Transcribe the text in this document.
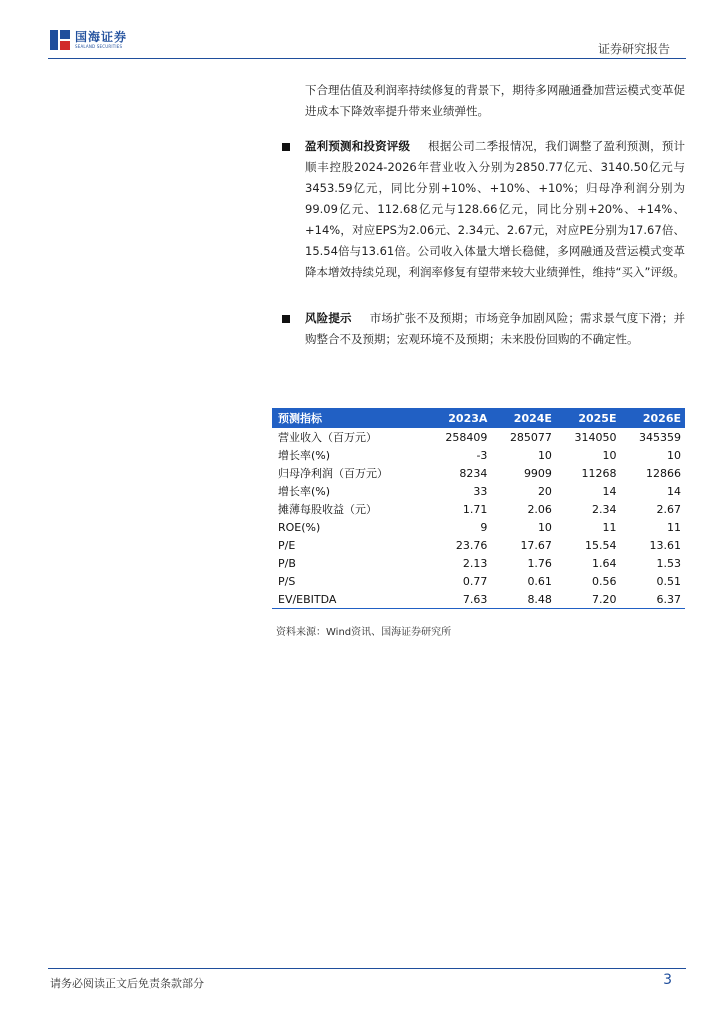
国海证券
SEALAND SECURITIES	证券研究报告
下合理估值及利润率持续修复的背景下，期待多网融通叠加营运模式变革促进成本下降效率提升带来业绩弹性。
盈利预测和投资评级 根据公司二季报情况，我们调整了盈利预测，预计顺丰控股2024-2026年营业收入分别为2850.77亿元、3140.50亿元与3453.59亿元，同比分别+10%、+10%、+10%；归母净利润分别为99.09亿元、112.68亿元与128.66亿元，同比分别+20%、+14%、+14%，对应EPS为2.06元、2.34元、2.67元，对应PE分别为17.67倍、15.54倍与13.61倍。公司收入体量大增长稳健，多网融通及营运模式变革降本增效持续兑现，利润率修复有望带来较大业绩弹性，维持“买入”评级。
风险提示 市场扩张不及预期；市场竞争加剧风险；需求景气度下滑；并购整合不及预期；宏观环境不及预期；未来股份回购的不确定性。
预测指标	2023A	2024E	2025E	2026E
营业收入（百万元）	258409	285077	314050	345359
增长率(%)	-3	10	10	10
归母净利润（百万元）	8234	9909	11268	12866
增长率(%)	33	20	14	14
摊薄每股收益（元）	1.71	2.06	2.34	2.67
ROE(%)	9	10	11	11
P/E	23.76	17.67	15.54	13.61
P/B	2.13	1.76	1.64	1.53
P/S	0.77	0.61	0.56	0.51
EV/EBITDA	7.63	8.48	7.20	6.37
资料来源：Wind资讯、国海证券研究所
请务必阅读正文后免责条款部分	3
